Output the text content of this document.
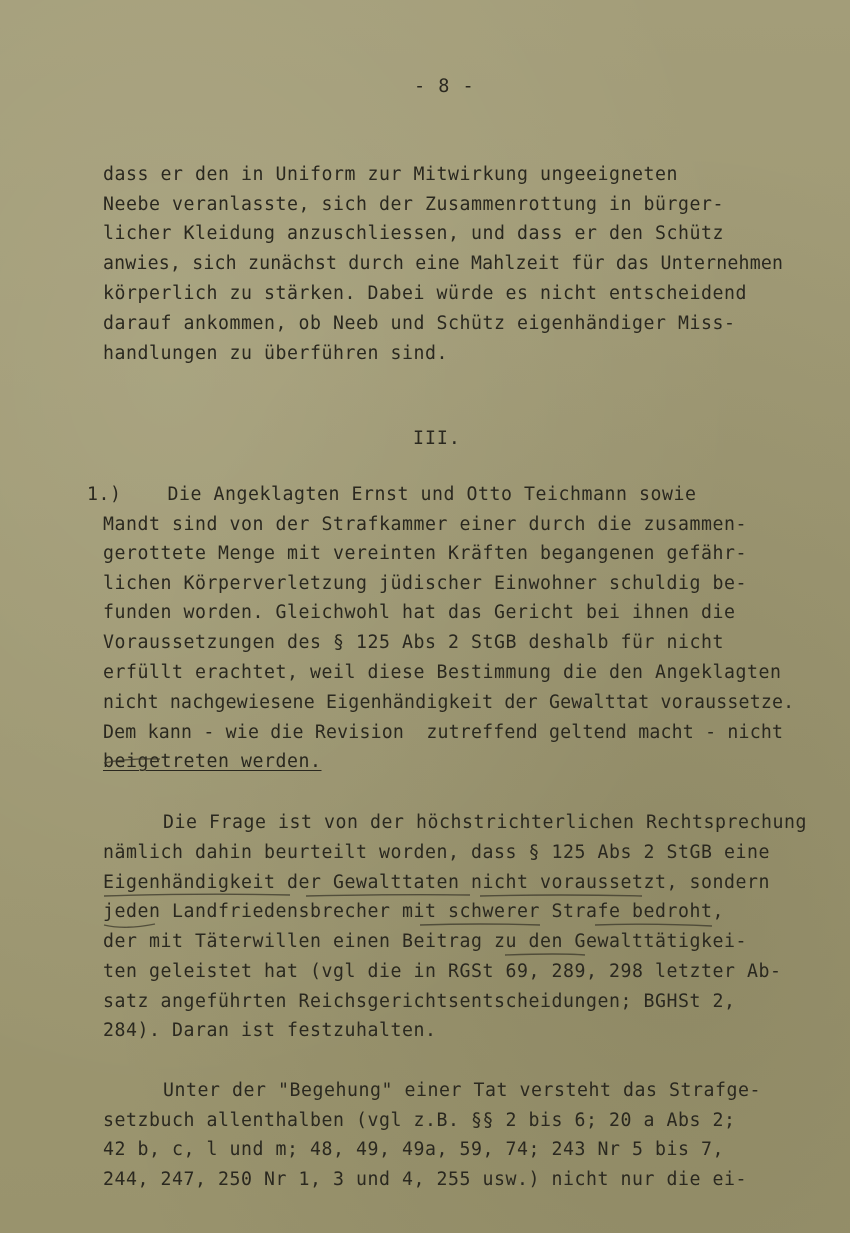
- 8 -
dass er den in Uniform zur Mitwirkung ungeeigneten
Neebe veranlasste, sich der Zusammenrottung in bürger-
licher Kleidung anzuschliessen, und dass er den Schütz
anwies, sich zunächst durch eine Mahlzeit für das Unternehmen
körperlich zu stärken. Dabei würde es nicht entscheidend
darauf ankommen, ob Neeb und Schütz eigenhändiger Miss-
handlungen zu überführen sind.
III.
1.)    Die Angeklagten Ernst und Otto Teichmann sowie
Mandt sind von der Strafkammer einer durch die zusammen-
gerottete Menge mit vereinten Kräften begangenen gefähr-
lichen Körperverletzung jüdischer Einwohner schuldig be-
funden worden. Gleichwohl hat das Gericht bei ihnen die
Voraussetzungen des § 125 Abs 2 StGB deshalb für nicht
erfüllt erachtet, weil diese Bestimmung die den Angeklagten
nicht nachgewiesene Eigenhändigkeit der Gewalttat voraussetze.
Dem kann - wie die Revision  zutreffend geltend macht - nicht
beigetreten werden.
Die Frage ist von der höchstrichterlichen Rechtsprechung
nämlich dahin beurteilt worden, dass § 125 Abs 2 StGB eine
Eigenhändigkeit der Gewalttaten nicht voraussetzt, sondern
jeden Landfriedensbrecher mit schwerer Strafe bedroht,
der mit Täterwillen einen Beitrag zu den Gewalttätigkei-
ten geleistet hat (vgl die in RGSt 69, 289, 298 letzter Ab-
satz angeführten Reichsgerichtsentscheidungen; BGHSt 2,
284). Daran ist festzuhalten.
Unter der "Begehung" einer Tat versteht das Strafge-
setzbuch allenthalben (vgl z.B. §§ 2 bis 6; 20 a Abs 2;
42 b, c, l und m; 48, 49, 49a, 59, 74; 243 Nr 5 bis 7,
244, 247, 250 Nr 1, 3 und 4, 255 usw.) nicht nur die ei-
